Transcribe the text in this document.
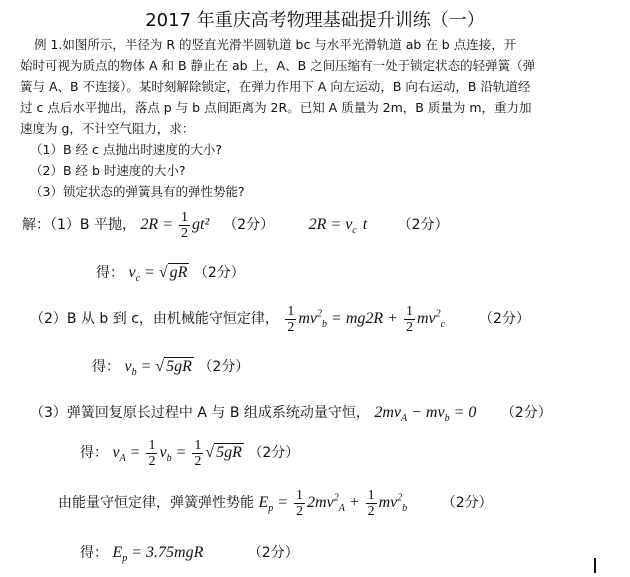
2017 年重庆高考物理基础提升训练（一）
例 1.如图所示，半径为 R 的竖直光滑半圆轨道 bc 与水平光滑轨道 ab 在 b 点连接，开
始时可视为质点的物体 A 和 B 静止在 ab 上，A、B 之间压缩有一处于锁定状态的轻弹簧（弹
簧与 A、B 不连接）。某时刻解除锁定，在弹力作用下 A 向左运动，B 向右运动，B 沿轨道经
过 c 点后水平抛出，落点 p 与 b 点间距离为 2R。已知 A 质量为 2m，B 质量为 m，重力加
速度为 g，不计空气阻力，求：
（1）B 经 c 点抛出时速度的大小?
（2）B 经 b 时速度的大小?
（3）锁定状态的弹簧具有的弹性势能?
解：（1）B 平抛， $2R = \frac{1}{2} gt^2$ （2分） $2R = v_c$ t （2分）
得： $v_c$ = √ gR （2分）
（2）B 从 b 到 c，由机械能守恒定律， $\frac{1}{2} mv^2_b = mg2R + \frac{1}{2} mv^2_c$ （2分）
得： $v_b$ = √ 5gR （2分）
（3）弹簧回复原长过程中 A 与 B 组成系统动量守恒， $2mv_A - mv_b = 0$ （2分）
得： $v_A = \frac{1}{2} v_b = \frac{1}{2}$ √ 5gR （2分）
由能量守恒定律，弹簧弹性势能 $E_p = \frac{1}{2} 2mv^2_A + \frac{1}{2} mv^2_b$ （2分）
得： $E_p = 3.75mgR$	（2分）
